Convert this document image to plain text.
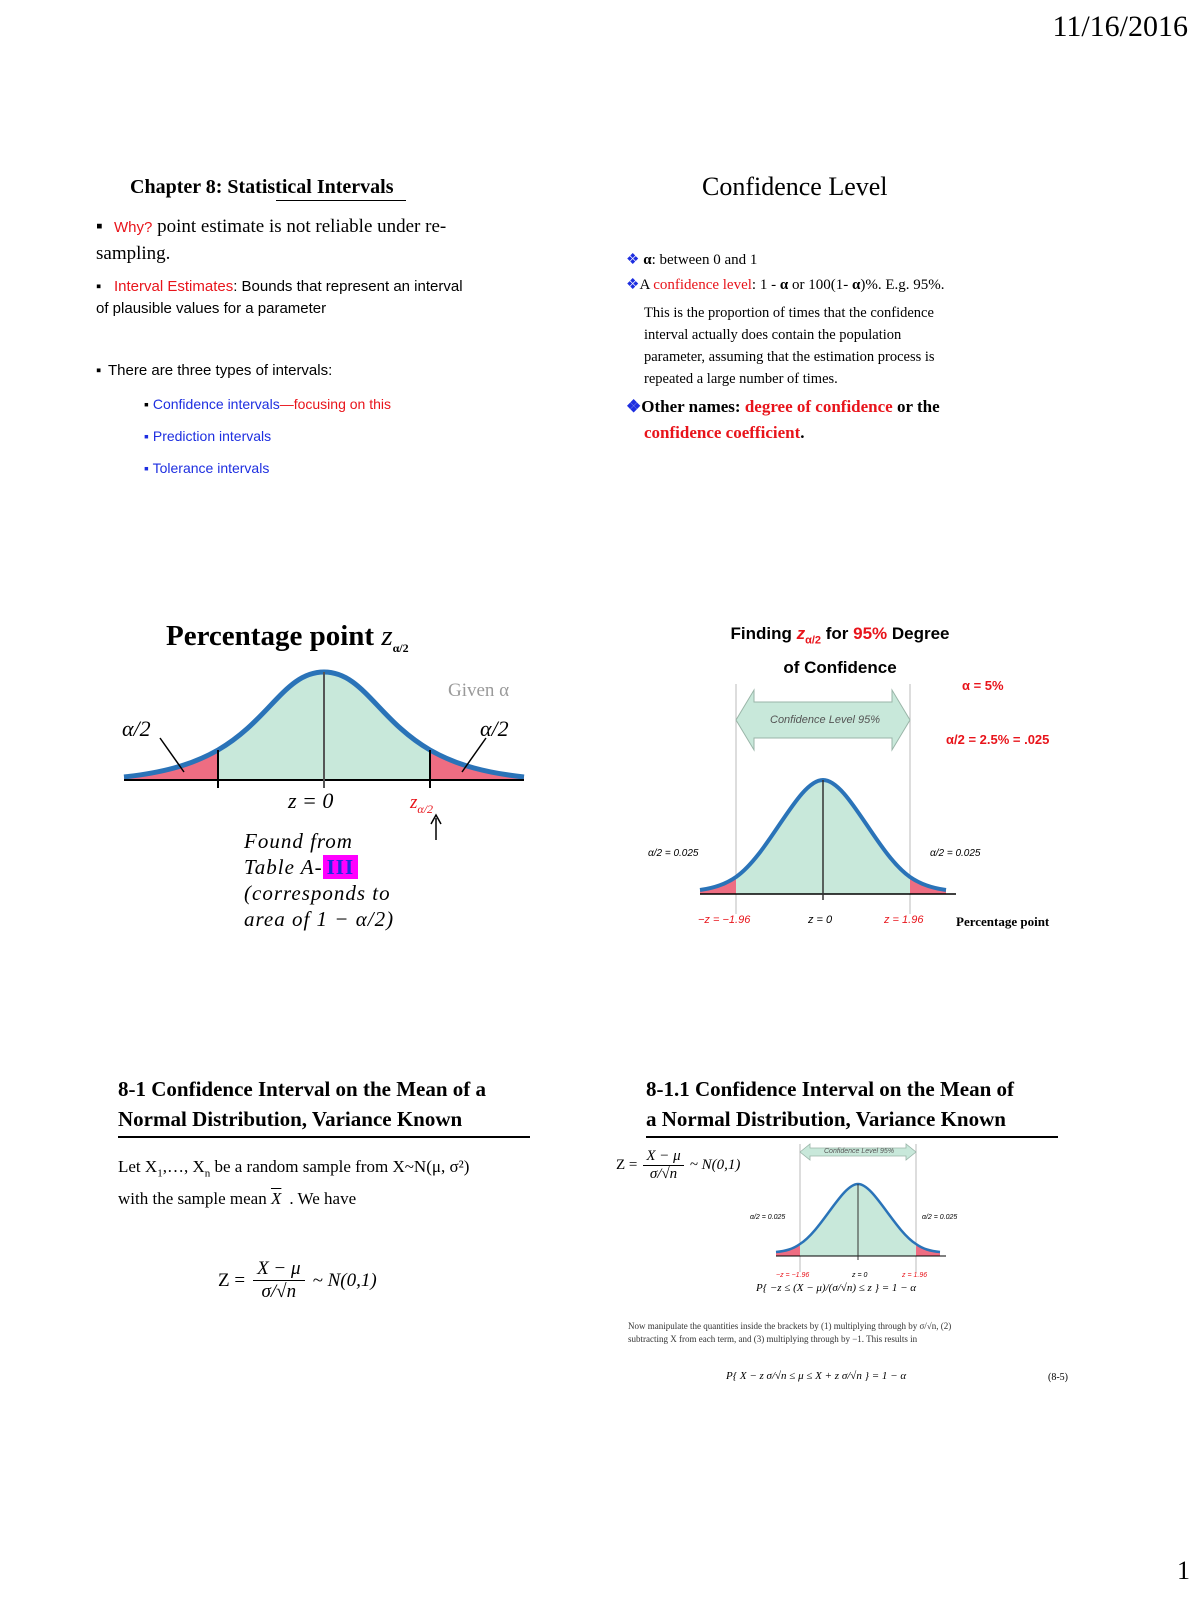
11/16/2016
Chapter 8: Statistical Intervals
▪ Why? point estimate is not reliable under re-
sampling.
▪ Interval Estimates: Bounds that represent an interval
of plausible values for a parameter
▪ There are three types of intervals:
▪ Confidence intervals—focusing on this
▪ Prediction intervals
▪ Tolerance intervals
Confidence Level
❖ α: between 0 and 1
❖A confidence level: 1 - α or 100(1- α)%. E.g. 95%.
This is the proportion of times that the confidence
interval actually does contain the population
parameter, assuming that the estimation process is
repeated a large number of times.
❖Other names: degree of confidence or the
confidence coefficient.
Percentage point $z_{\alpha/2}$
Given α
α/2	α/2
z = 0	$z_{\alpha/2}$
Found from
Table A- III
(corresponds to
area of 1 − α/2)
Finding $z_{\alpha/2}$ for 95% Degree
of Confidence
α = 5%
α/2 = 2.5% = .025
Confidence Level 95%
α/2 = 0.025	α/2 = 0.025
−z = −1.96	z = 0	z = 1.96	Percentage point
8-1 Confidence Interval on the Mean of a
Normal Distribution, Variance Known
Let $X_1,\dots$, $X_n$ be a random sample from X~N(μ, σ²)
with the sample mean $\overline{X}$ . We have
$Z = \frac{X - \mu}{\sigma/√n}$ ~ N(0,1)
8-1.1 Confidence Interval on the Mean of
a Normal Distribution, Variance Known
$Z = \frac{X - \mu}{\sigma/√n}$ ~ N(0,1)
Confidence Level 95%
α/2 = 0.025	α/2 = 0.025
−z = −1.96	z = 0	z = 1.96
P{ −z ≤ (X − μ)/(σ/√n) ≤ z } = 1 − α
Now manipulate the quantities inside the brackets by (1) multiplying through by σ/√n, (2)
subtracting X from each term, and (3) multiplying through by −1. This results in
P{ X − z σ/√n ≤ μ ≤ X + z σ/√n } = 1 − α	(8-5)
1
